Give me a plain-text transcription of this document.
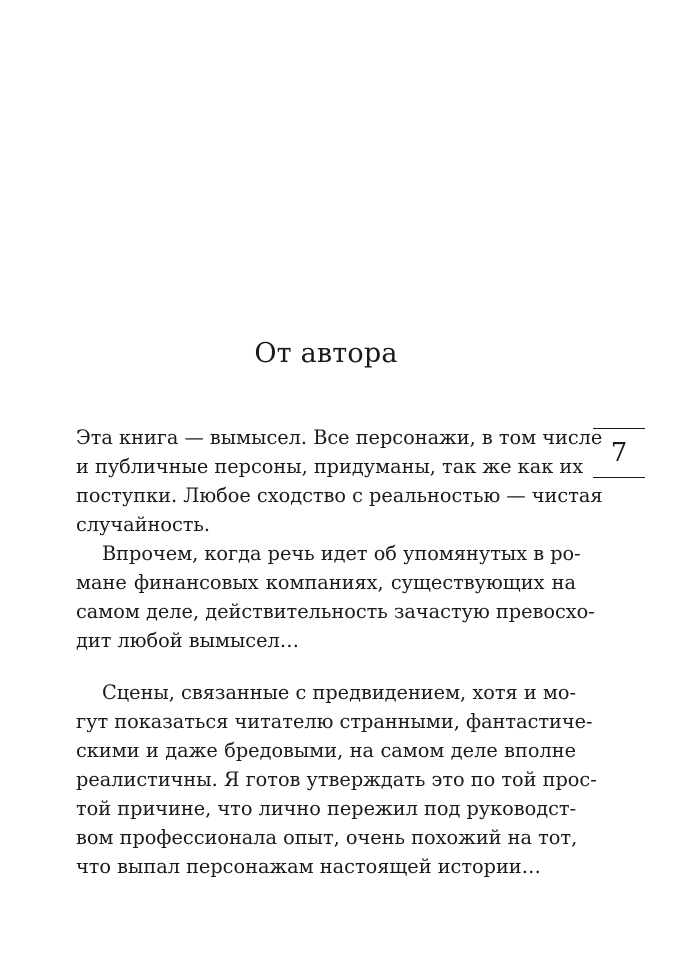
От автора
7
Эта книга — вымысел. Все персонажи, в том числе
и публичные персоны, придуманы, так же как их
поступки. Любое сходство с реальностью — чистая
случайность.
Впрочем, когда речь идет об упомянутых в ро-
мане финансовых компаниях, существующих на
самом деле, действительность зачастую превосхо-
дит любой вымысел…
Сцены, связанные с предвидением, хотя и мо-
гут показаться читателю странными, фантастиче-
скими и даже бредовыми, на самом деле вполне
реалистичны. Я готов утверждать это по той прос-
той причине, что лично пережил под руководст-
вом профессионала опыт, очень похожий на тот,
что выпал персонажам настоящей истории…
